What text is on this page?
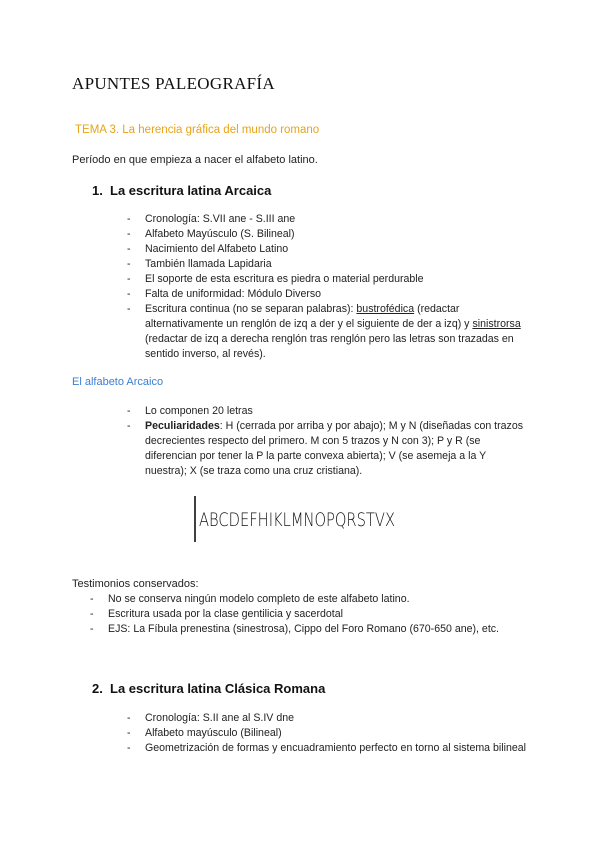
APUNTES PALEOGRAFÍA
TEMA 3. La herencia gráfica del mundo romano
Período en que empieza a nacer el alfabeto latino.
1. La escritura latina Arcaica
- Cronología: S.VII ane - S.III ane
- Alfabeto Mayúsculo (S. Bilineal)
- Nacimiento del Alfabeto Latino
- También llamada Lapidaria
- El soporte de esta escritura es piedra o material perdurable
- Falta de uniformidad: Módulo Diverso
- Escritura continua (no se separan palabras): bustrofédica (redactar alternativamente un renglón de izq a der y el siguiente de der a izq) y sinistrorsa (redactar de izq a derecha renglón tras renglón pero las letras son trazadas en sentido inverso, al revés).
El alfabeto Arcaico
- Lo componen 20 letras
- Peculiaridades: H (cerrada por arriba y por abajo); M y N (diseñadas con trazos decrecientes respecto del primero. M con 5 trazos y N con 3); P y R (se diferencian por tener la P la parte convexa abierta); V (se asemeja a la Y nuestra); X (se traza como una cruz cristiana).
ABCDEFHIKLMNOPQRSTVX
Testimonios conservados:
- No se conserva ningún modelo completo de este alfabeto latino.
- Escritura usada por la clase gentilicia y sacerdotal
- EJS: La Fíbula prenestina (sinestrosa), Cippo del Foro Romano (670-650 ane), etc.
2. La escritura latina Clásica Romana
- Cronología: S.II ane al S.IV dne
- Alfabeto mayúsculo (Bilineal)
- Geometrización de formas y encuadramiento perfecto en torno al sistema bilineal
